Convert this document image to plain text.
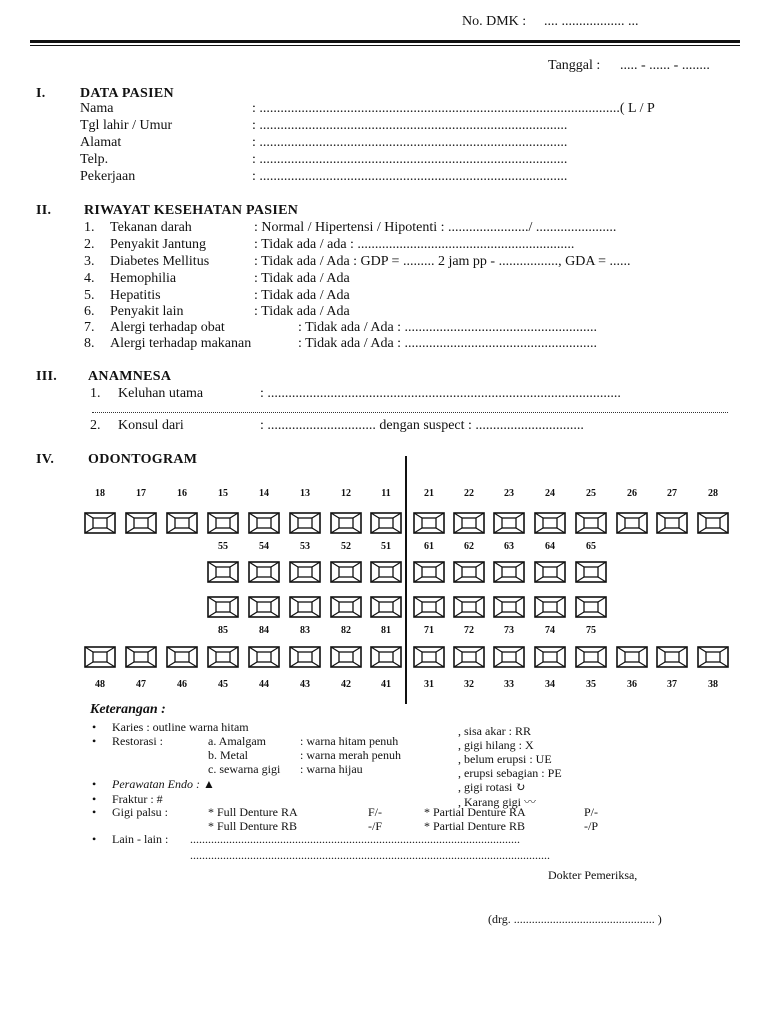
No. DMK : .... .................. ...
Tanggal : ..... - ...... - ........
I. DATA PASIEN
Nama	: .......................................................................................................( L / P
Tgl lahir / Umur	: ........................................................................................
Alamat	: ........................................................................................
Telp.	: ........................................................................................
Pekerjaan	: ........................................................................................
II. RIWAYAT KESEHATAN PASIEN
1. Tekanan darah	: Normal / Hipertensi / Hipotenti : ......................./ .......................
2. Penyakit Jantung	: Tidak ada / ada : ..............................................................
3. Diabetes Mellitus	: Tidak ada / Ada : GDP = ......... 2 jam pp - ................., GDA = ......
4. Hemophilia	: Tidak ada / Ada
5. Hepatitis	: Tidak ada / Ada
6. Penyakit lain	: Tidak ada / Ada
7. Alergi terhadap obat	: Tidak ada / Ada : .......................................................
8. Alergi terhadap makanan	: Tidak ada / Ada : .......................................................
III. ANAMNESA
1. Keluhan utama	: .....................................................................................................
2. Konsul dari	: ............................... dengan suspect : ...............................
IV. ODONTOGRAM
18	17	16	15	14	13	12	11	21	22	23	24	25	26	27	28
55	54	53	52	51	61	62	63	64	65
85	84	83	82	81	71	72	73	74	75
48	47	46	45	44	43	42	41	31	32	33	34	35	36	37	38
Keterangan :
• Karies : outline warna hitam
• Restorasi :	a. Amalgam	: warna hitam penuh
b. Metal	: warna merah penuh
c. sewarna gigi : warna hijau
• Perawatan Endo : ▲
• Fraktur : #
• Gigi palsu :	* Full Denture RA	F/-
* Full Denture RB	-/F
* Partial Denture RA	P/-
* Partial Denture RB	-/P
, sisa akar : RR
, gigi hilang : X
, belum erupsi : UE
, erupsi sebagian : PE
, gigi rotasi ↻
, Karang gigi 〰
• Lain - lain : ..............................................................................................................
........................................................................................................................
Dokter Pemeriksa,
(drg. ............................................... )
